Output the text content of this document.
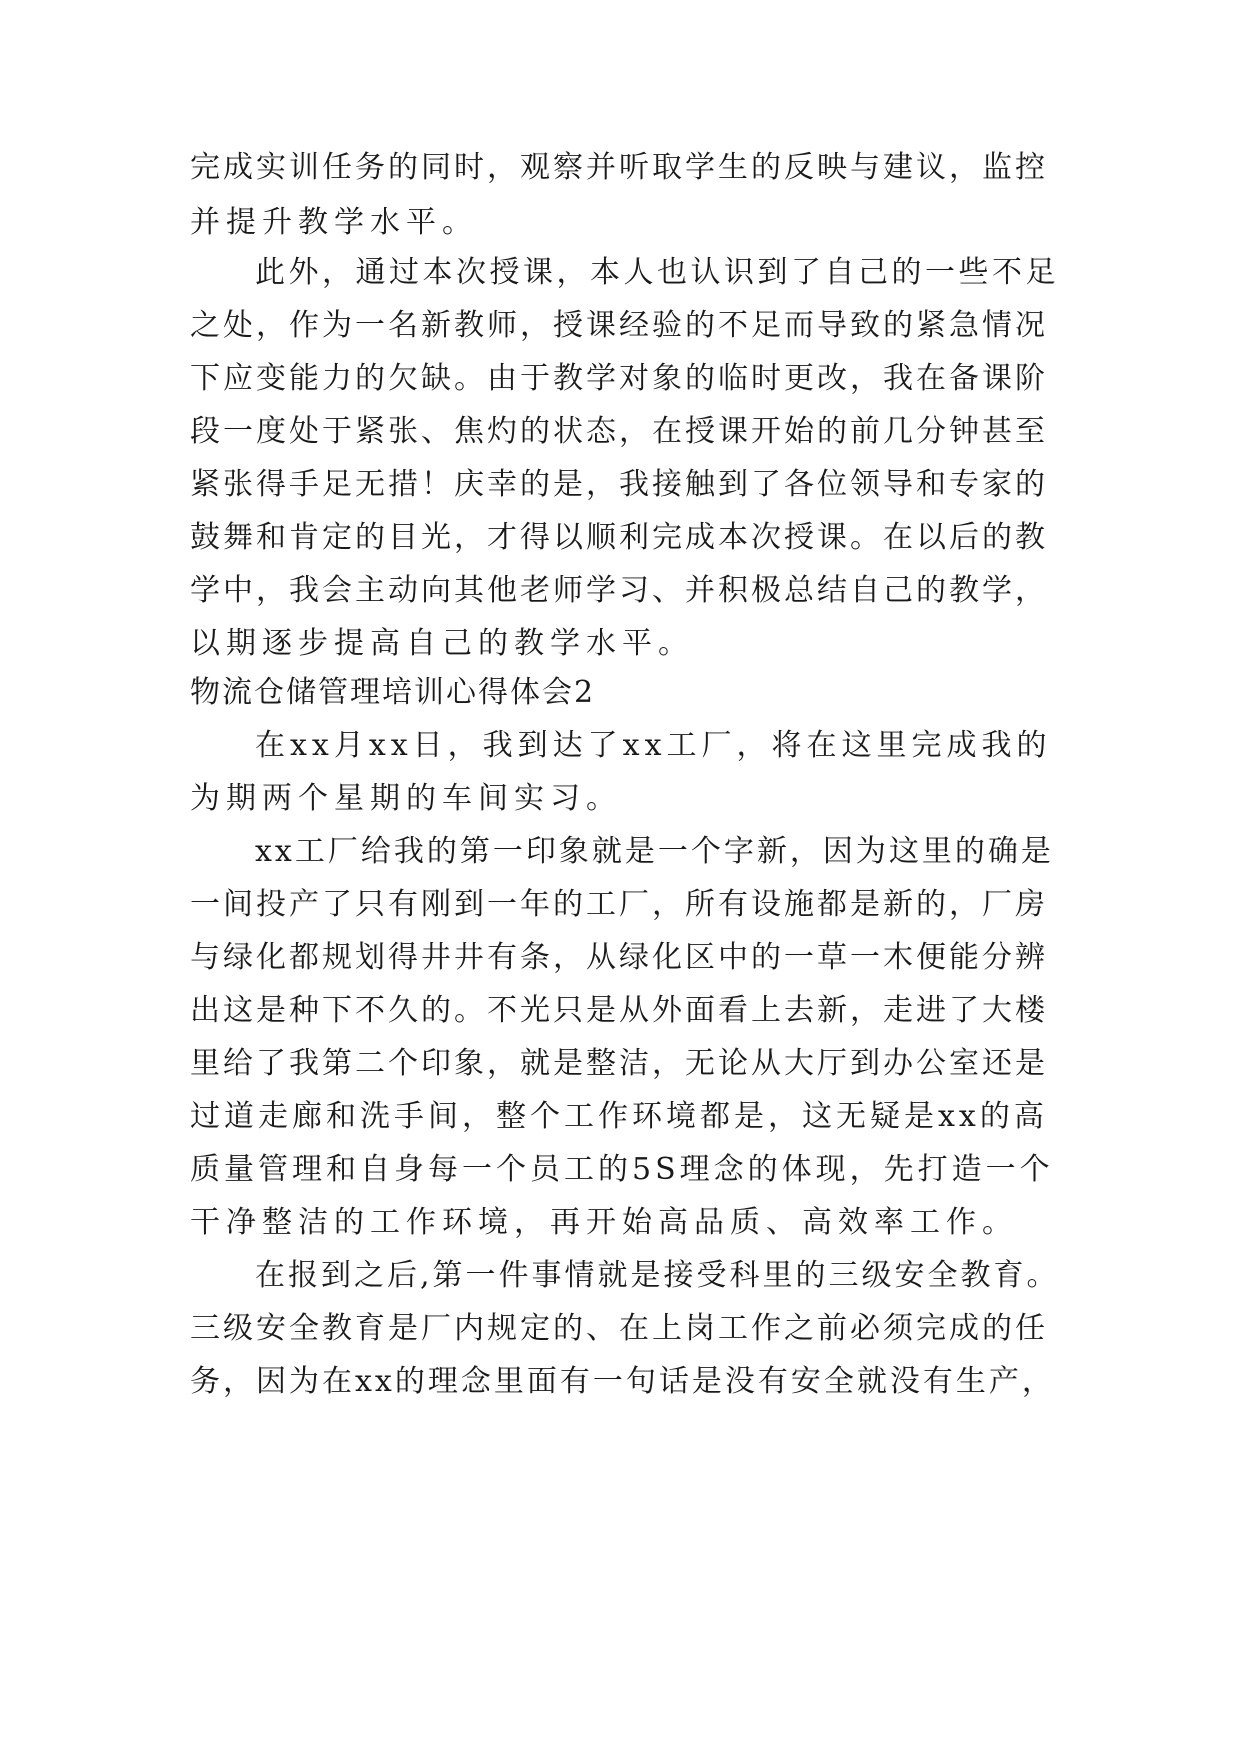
完成实训任务的同时，观察并听取学生的反映与建议，监控
并提升教学水平。
此外，通过本次授课，本人也认识到了自己的一些不足
之处，作为一名新教师，授课经验的不足而导致的紧急情况
下应变能力的欠缺。由于教学对象的临时更改，我在备课阶
段一度处于紧张、焦灼的状态，在授课开始的前几分钟甚至
紧张得手足无措！庆幸的是，我接触到了各位领导和专家的
鼓舞和肯定的目光，才得以顺利完成本次授课。在以后的教
学中，我会主动向其他老师学习、并积极总结自己的教学，
以期逐步提高自己的教学水平。
物流仓储管理培训心得体会2
在xx月xx日，我到达了xx工厂，将在这里完成我的
为期两个星期的车间实习。
xx工厂给我的第一印象就是一个字新，因为这里的确是
一间投产了只有刚到一年的工厂，所有设施都是新的，厂房
与绿化都规划得井井有条，从绿化区中的一草一木便能分辨
出这是种下不久的。不光只是从外面看上去新，走进了大楼
里给了我第二个印象，就是整洁，无论从大厅到办公室还是
过道走廊和洗手间，整个工作环境都是，这无疑是xx的高
质量管理和自身每一个员工的5S理念的体现，先打造一个
干净整洁的工作环境，再开始高品质、高效率工作。
在报到之后,第一件事情就是接受科里的三级安全教育。
三级安全教育是厂内规定的、在上岗工作之前必须完成的任
务，因为在xx的理念里面有一句话是没有安全就没有生产，
